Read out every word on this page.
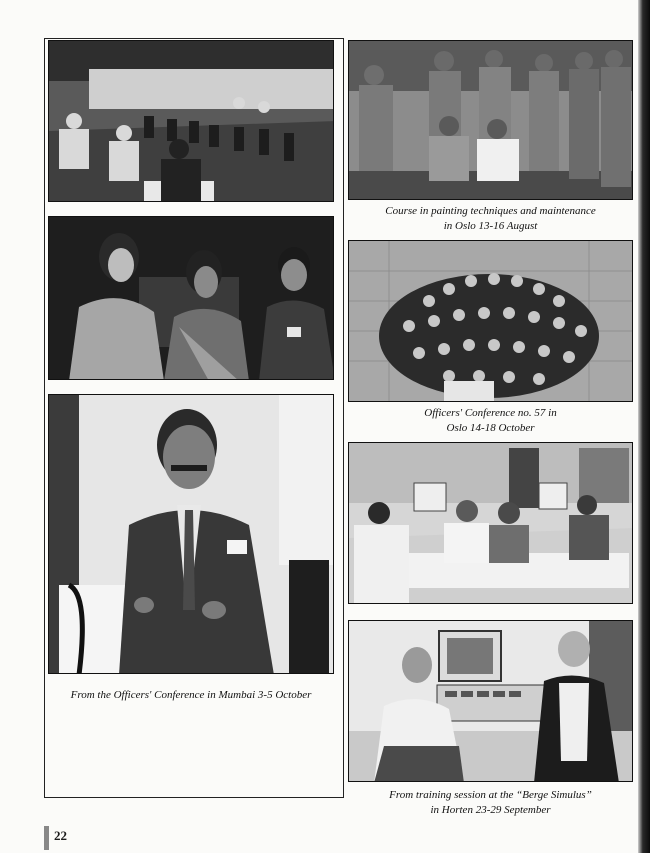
From the Officers' Conference in Mumbai 3-5 October
Course in painting techniques and maintenance
in Oslo 13-16 August
Officers' Conference no. 57 in
Oslo 14-18 October
From training session at the “Berge Simulus”
in Horten 23-29 September
22
